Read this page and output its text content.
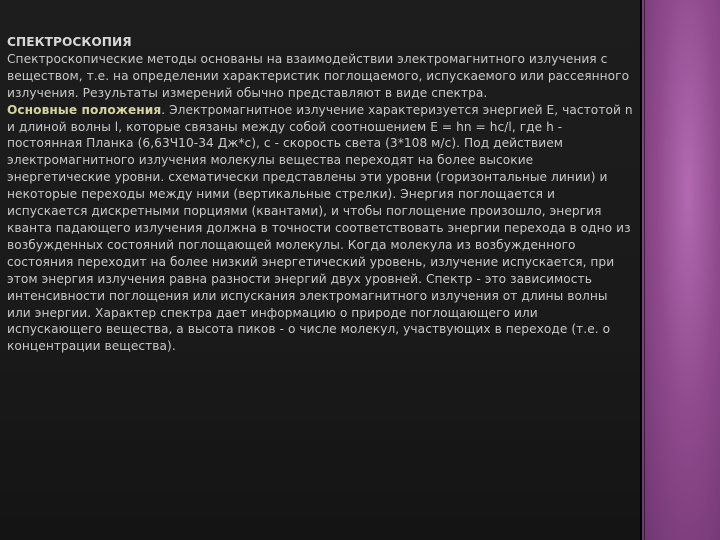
СПЕКТРОСКОПИЯ

Спектроскопические методы основаны на взаимодействии электромагнитного излучения с веществом, т.е. на определении характеристик поглощаемого, испускаемого или рассеянного излучения. Результаты измерений обычно представляют в виде спектра.

Основные положения. Электромагнитное излучение характеризуется энергией E, частотой n и длиной волны l, которые связаны между собой соотношением E = hn = hc/l, где h - постоянная Планка (6,63Ч10-34 Дж*с), с - скорость света (3*108 м/с). Под действием электромагнитного излучения молекулы вещества переходят на более высокие энергетические уровни. схематически представлены эти уровни (горизонтальные линии) и некоторые переходы между ними (вертикальные стрелки). Энергия поглощается и испускается дискретными порциями (квантами), и чтобы поглощение произошло, энергия кванта падающего излучения должна в точности соответствовать энергии перехода в одно из возбужденных состояний поглощающей молекулы. Когда молекула из возбужденного состояния переходит на более низкий энергетический уровень, излучение испускается, при этом энергия излучения равна разности энергий двух уровней. Спектр - это зависимость интенсивности поглощения или испускания электромагнитного излучения от длины волны или энергии. Характер спектра дает информацию о природе поглощающего или испускающего вещества, а высота пиков - о числе молекул, участвующих в переходе (т.е. о концентрации вещества).
